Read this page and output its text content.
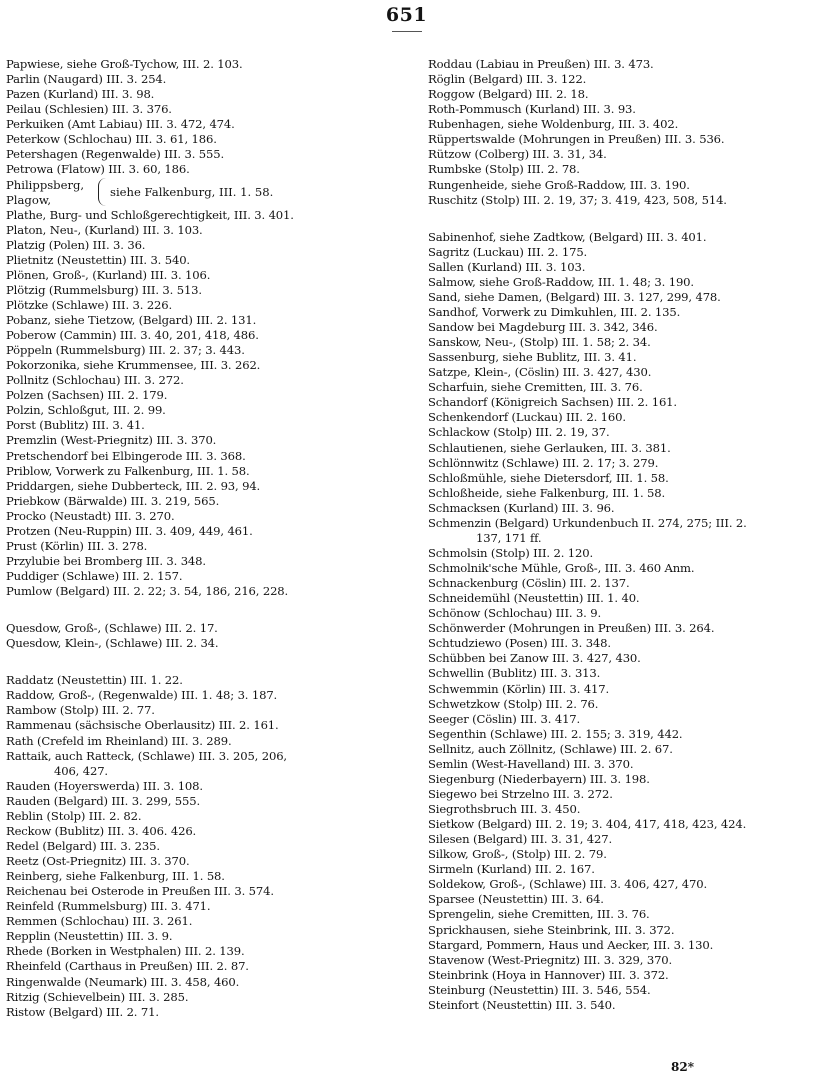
651
Papwiese, siehe Groß-Tychow, III. 2. 103.
Parlin (Naugard) III. 3. 254.
Pazen (Kurland) III. 3. 98.
Peilau (Schlesien) III. 3. 376.
Perkuiken (Amt Labiau) III. 3. 472, 474.
Peterkow (Schlochau) III. 3. 61, 186.
Petershagen (Regenwalde) III. 3. 555.
Petrowa (Flatow) III. 3. 60, 186.
Philippsberg,
Plagow,
siehe Falkenburg, III. 1. 58.
Plathe, Burg- und Schloßgerechtigkeit, III. 3. 401.
Platon, Neu-, (Kurland) III. 3. 103.
Platzig (Polen) III. 3. 36.
Plietnitz (Neustettin) III. 3. 540.
Plönen, Groß-, (Kurland) III. 3. 106.
Plötzig (Rummelsburg) III. 3. 513.
Plötzke (Schlawe) III. 3. 226.
Pobanz, siehe Tietzow, (Belgard) III. 2. 131.
Poberow (Cammin) III. 3. 40, 201, 418, 486.
Pöppeln (Rummelsburg) III. 2. 37; 3. 443.
Pokorzonika, siehe Krummensee, III. 3. 262.
Pollnitz (Schlochau) III. 3. 272.
Polzen (Sachsen) III. 2. 179.
Polzin, Schloßgut, III. 2. 99.
Porst (Bublitz) III. 3. 41.
Premzlin (West-Priegnitz) III. 3. 370.
Pretschendorf bei Elbingerode III. 3. 368.
Priblow, Vorwerk zu Falkenburg, III. 1. 58.
Priddargen, siehe Dubberteck, III. 2. 93, 94.
Priebkow (Bärwalde) III. 3. 219, 565.
Procko (Neustadt) III. 3. 270.
Protzen (Neu-Ruppin) III. 3. 409, 449, 461.
Prust (Körlin) III. 3. 278.
Przylubie bei Bromberg III. 3. 348.
Puddiger (Schlawe) III. 2. 157.
Pumlow (Belgard) III. 2. 22; 3. 54, 186, 216, 228.
Quesdow, Groß-, (Schlawe) III. 2. 17.
Quesdow, Klein-, (Schlawe) III. 2. 34.
Raddatz (Neustettin) III. 1. 22.
Raddow, Groß-, (Regenwalde) III. 1. 48; 3. 187.
Rambow (Stolp) III. 2. 77.
Rammenau (sächsische Oberlausitz) III. 2. 161.
Rath (Crefeld im Rheinland) III. 3. 289.
Rattaik, auch Ratteck, (Schlawe) III. 3. 205, 206,
406, 427.
Rauden (Hoyerswerda) III. 3. 108.
Rauden (Belgard) III. 3. 299, 555.
Reblin (Stolp) III. 2. 82.
Reckow (Bublitz) III. 3. 406. 426.
Redel (Belgard) III. 3. 235.
Reetz (Ost-Priegnitz) III. 3. 370.
Reinberg, siehe Falkenburg, III. 1. 58.
Reichenau bei Osterode in Preußen III. 3. 574.
Reinfeld (Rummelsburg) III. 3. 471.
Remmen (Schlochau) III. 3. 261.
Repplin (Neustettin) III. 3. 9.
Rhede (Borken in Westphalen) III. 2. 139.
Rheinfeld (Carthaus in Preußen) III. 2. 87.
Ringenwalde (Neumark) III. 3. 458, 460.
Ritzig (Schievelbein) III. 3. 285.
Ristow (Belgard) III. 2. 71.
Roddau (Labiau in Preußen) III. 3. 473.
Röglin (Belgard) III. 3. 122.
Roggow (Belgard) III. 2. 18.
Roth-Pommusch (Kurland) III. 3. 93.
Rubenhagen, siehe Woldenburg, III. 3. 402.
Rüppertswalde (Mohrungen in Preußen) III. 3. 536.
Rützow (Colberg) III. 3. 31, 34.
Rumbske (Stolp) III. 2. 78.
Rungenheide, siehe Groß-Raddow, III. 3. 190.
Ruschitz (Stolp) III. 2. 19, 37; 3. 419, 423, 508, 514.
Sabinenhof, siehe Zadtkow, (Belgard) III. 3. 401.
Sagritz (Luckau) III. 2. 175.
Sallen (Kurland) III. 3. 103.
Salmow, siehe Groß-Raddow, III. 1. 48; 3. 190.
Sand, siehe Damen, (Belgard) III. 3. 127, 299, 478.
Sandhof, Vorwerk zu Dimkuhlen, III. 2. 135.
Sandow bei Magdeburg III. 3. 342, 346.
Sanskow, Neu-, (Stolp) III. 1. 58; 2. 34.
Sassenburg, siehe Bublitz, III. 3. 41.
Satzpe, Klein-, (Cöslin) III. 3. 427, 430.
Scharfuin, siehe Cremitten, III. 3. 76.
Schandorf (Königreich Sachsen) III. 2. 161.
Schenkendorf (Luckau) III. 2. 160.
Schlackow (Stolp) III. 2. 19, 37.
Schlautienen, siehe Gerlauken, III. 3. 381.
Schlönnwitz (Schlawe) III. 2. 17; 3. 279.
Schloßmühle, siehe Dietersdorf, III. 1. 58.
Schloßheide, siehe Falkenburg, III. 1. 58.
Schmacksen (Kurland) III. 3. 96.
Schmenzin (Belgard) Urkundenbuch II. 274, 275; III. 2.
137, 171 ff.
Schmolsin (Stolp) III. 2. 120.
Schmolnik'sche Mühle, Groß-, III. 3. 460 Anm.
Schnackenburg (Cöslin) III. 2. 137.
Schneidemühl (Neustettin) III. 1. 40.
Schönow (Schlochau) III. 3. 9.
Schönwerder (Mohrungen in Preußen) III. 3. 264.
Schtudziewo (Posen) III. 3. 348.
Schübben bei Zanow III. 3. 427, 430.
Schwellin (Bublitz) III. 3. 313.
Schwemmin (Körlin) III. 3. 417.
Schwetzkow (Stolp) III. 2. 76.
Seeger (Cöslin) III. 3. 417.
Segenthin (Schlawe) III. 2. 155; 3. 319, 442.
Sellnitz, auch Zöllnitz, (Schlawe) III. 2. 67.
Semlin (West-Havelland) III. 3. 370.
Siegenburg (Niederbayern) III. 3. 198.
Siegewo bei Strzelno III. 3. 272.
Siegrothsbruch III. 3. 450.
Sietkow (Belgard) III. 2. 19; 3. 404, 417, 418, 423, 424.
Silesen (Belgard) III. 3. 31, 427.
Silkow, Groß-, (Stolp) III. 2. 79.
Sirmeln (Kurland) III. 2. 167.
Soldekow, Groß-, (Schlawe) III. 3. 406, 427, 470.
Sparsee (Neustettin) III. 3. 64.
Sprengelin, siehe Cremitten, III. 3. 76.
Sprickhausen, siehe Steinbrink, III. 3. 372.
Stargard, Pommern, Haus und Aecker, III. 3. 130.
Stavenow (West-Priegnitz) III. 3. 329, 370.
Steinbrink (Hoya in Hannover) III. 3. 372.
Steinburg (Neustettin) III. 3. 546, 554.
Steinfort (Neustettin) III. 3. 540.
82*
